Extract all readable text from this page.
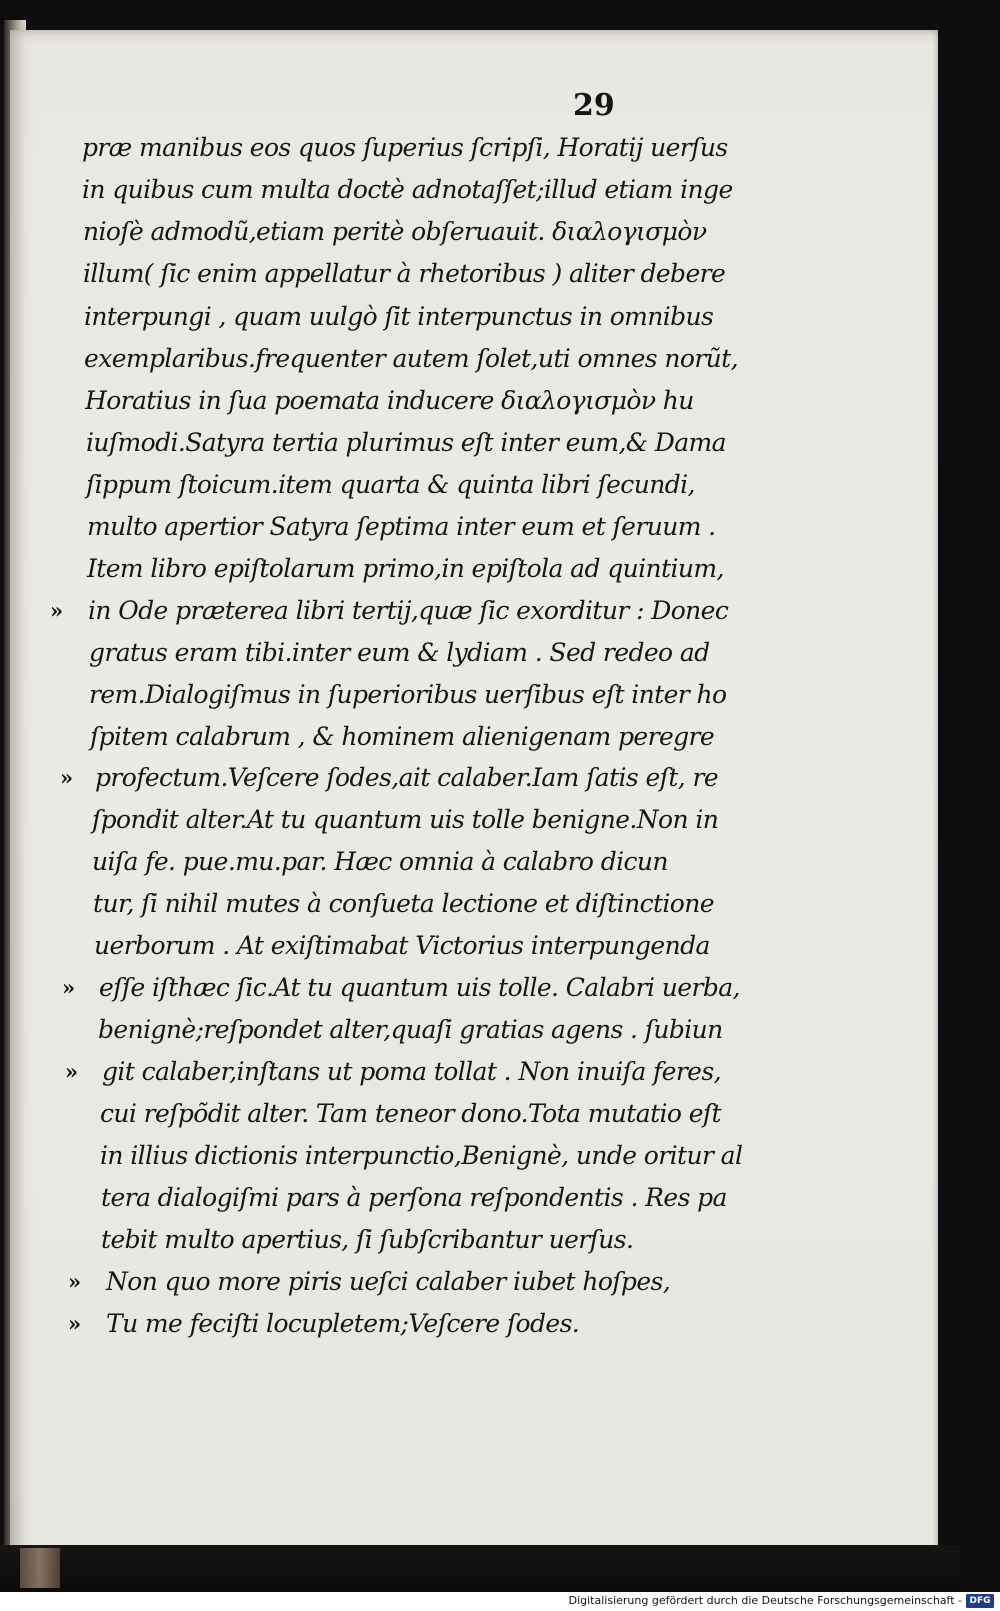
29
præ manibus eos quos ſuperius ſcripſi, Horatij uerſus
in quibus cum multa doctè adnotaſſet;illud etiam inge
nioſè admodũ,etiam peritè obſeruauit. διαλογισμὸν
illum( ſic enim appellatur à rhetoribus ) aliter debere
interpungi , quam uulgò ſit interpunctus in omnibus
exemplaribus.frequenter autem ſolet,uti omnes norũt,
Horatius in ſua poemata inducere διαλογισμὸν hu
iuſmodi.Satyra tertia plurimus eſt inter eum,& Dama
ſippum ſtoicum.item quarta & quinta libri ſecundi,
multo apertior Satyra ſeptima inter eum et ſeruum .
Item libro epiſtolarum primo,in epiſtola ad quintium,
in Ode præterea libri tertij,quæ ſic exorditur : Donec
gratus eram tibi.inter eum & lydiam . Sed redeo ad
rem.Dialogiſmus in ſuperioribus uerſibus eſt inter ho
ſpitem calabrum , & hominem alienigenam peregre
profectum.Veſcere ſodes,ait calaber.Iam ſatis eſt, re
ſpondit alter.At tu quantum uis tolle benigne.Non in
uiſa fe. pue.mu.par. Hæc omnia à calabro dicun
tur, ſi nihil mutes à conſueta lectione et diſtinctione
uerborum . At exiſtimabat Victorius interpungenda
eſſe iſthæc ſic.At tu quantum uis tolle. Calabri uerba,
benignè;reſpondet alter,quaſi gratias agens . ſubiun
git calaber,inſtans ut poma tollat . Non inuiſa feres,
cui reſpõdit alter. Tam teneor dono.Tota mutatio eſt
in illius dictionis interpunctio,Benignè, unde oritur al
tera dialogiſmi pars à perſona reſpondentis . Res pa
tebit multo apertius, ſi ſubſcribantur uerſus.
Non quo more piris ueſci calaber iubet hoſpes,
Tu me feciſti locupletem;Veſcere ſodes.
»
»
»
»
»
»
Digitalisierung gefördert durch die Deutsche Forschungsgemeinschaft - DFG
